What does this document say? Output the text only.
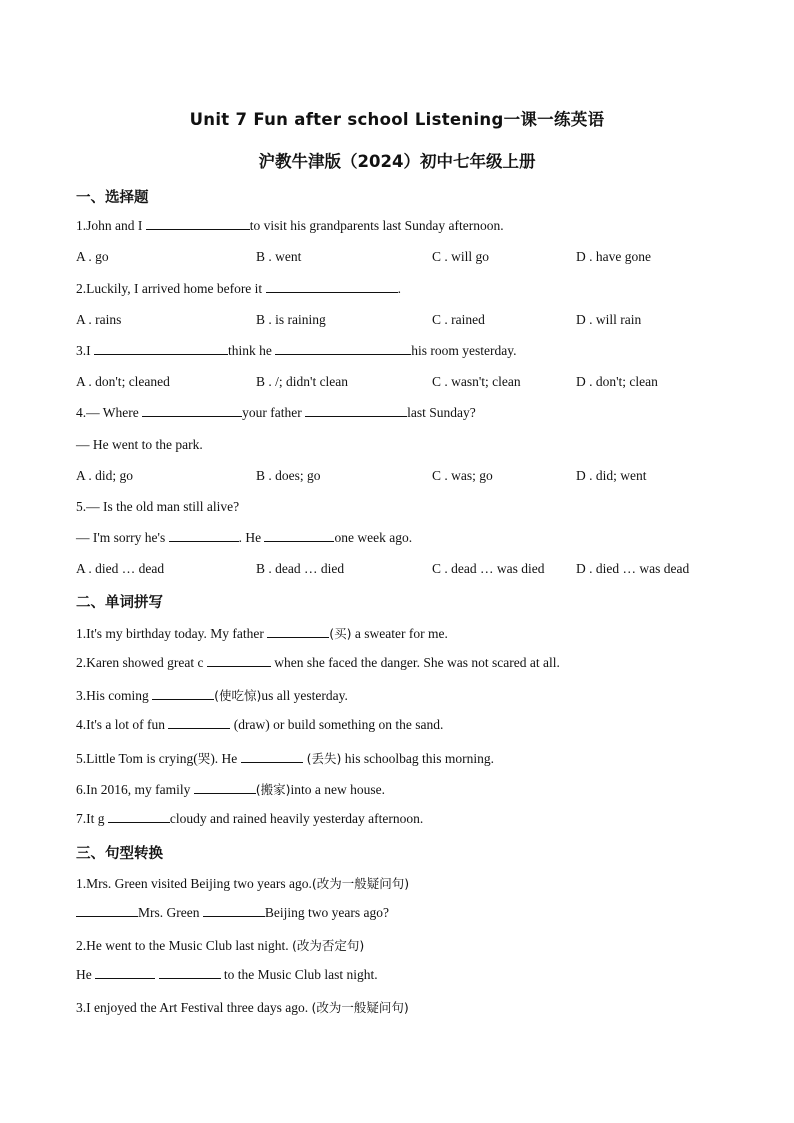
Unit 7 Fun after school Listening一课一练英语
沪教牛津版（2024）初中七年级上册
一、选择题
1.John and I	to visit his grandparents last Sunday afternoon.
A . go	B . went	C . will go	D . have gone
2.Luckily, I arrived home before it	.
A . rains	B . is raining	C . rained	D . will rain
3.I	think he	his room yesterday.
A . don't; cleaned	B . /; didn't clean	C . wasn't; clean	D . don't; clean
4.— Where	your father	last Sunday?
— He went to the park.
A . did; go	B . does; go	C . was; go	D . did; went
5.— Is the old man still alive?
— I'm sorry he's	. He	one week ago.
A . died … dead	B . dead … died	C . dead … was died D . died … was dead
二、单词拼写
1.It's my birthday today. My father	(买) a sweater for me.
2.Karen showed great c	when she faced the danger. She was not scared at all.
3.His coming	(使吃惊)us all yesterday.
4.It's a lot of fun	(draw) or build something on the sand.
5.Little Tom is crying(哭). He	(丢失) his schoolbag this morning.
6.In 2016, my family	(搬家)into a new house.
7.It g	cloudy and rained heavily yesterday afternoon.
三、句型转换
1.Mrs. Green visited Beijing two years ago.(改为一般疑问句)
Mrs. Green	Beijing two years ago?
2.He went to the Music Club last night. (改为否定句)
He	to the Music Club last night.
3.I enjoyed the Art Festival three days ago. (改为一般疑问句)
